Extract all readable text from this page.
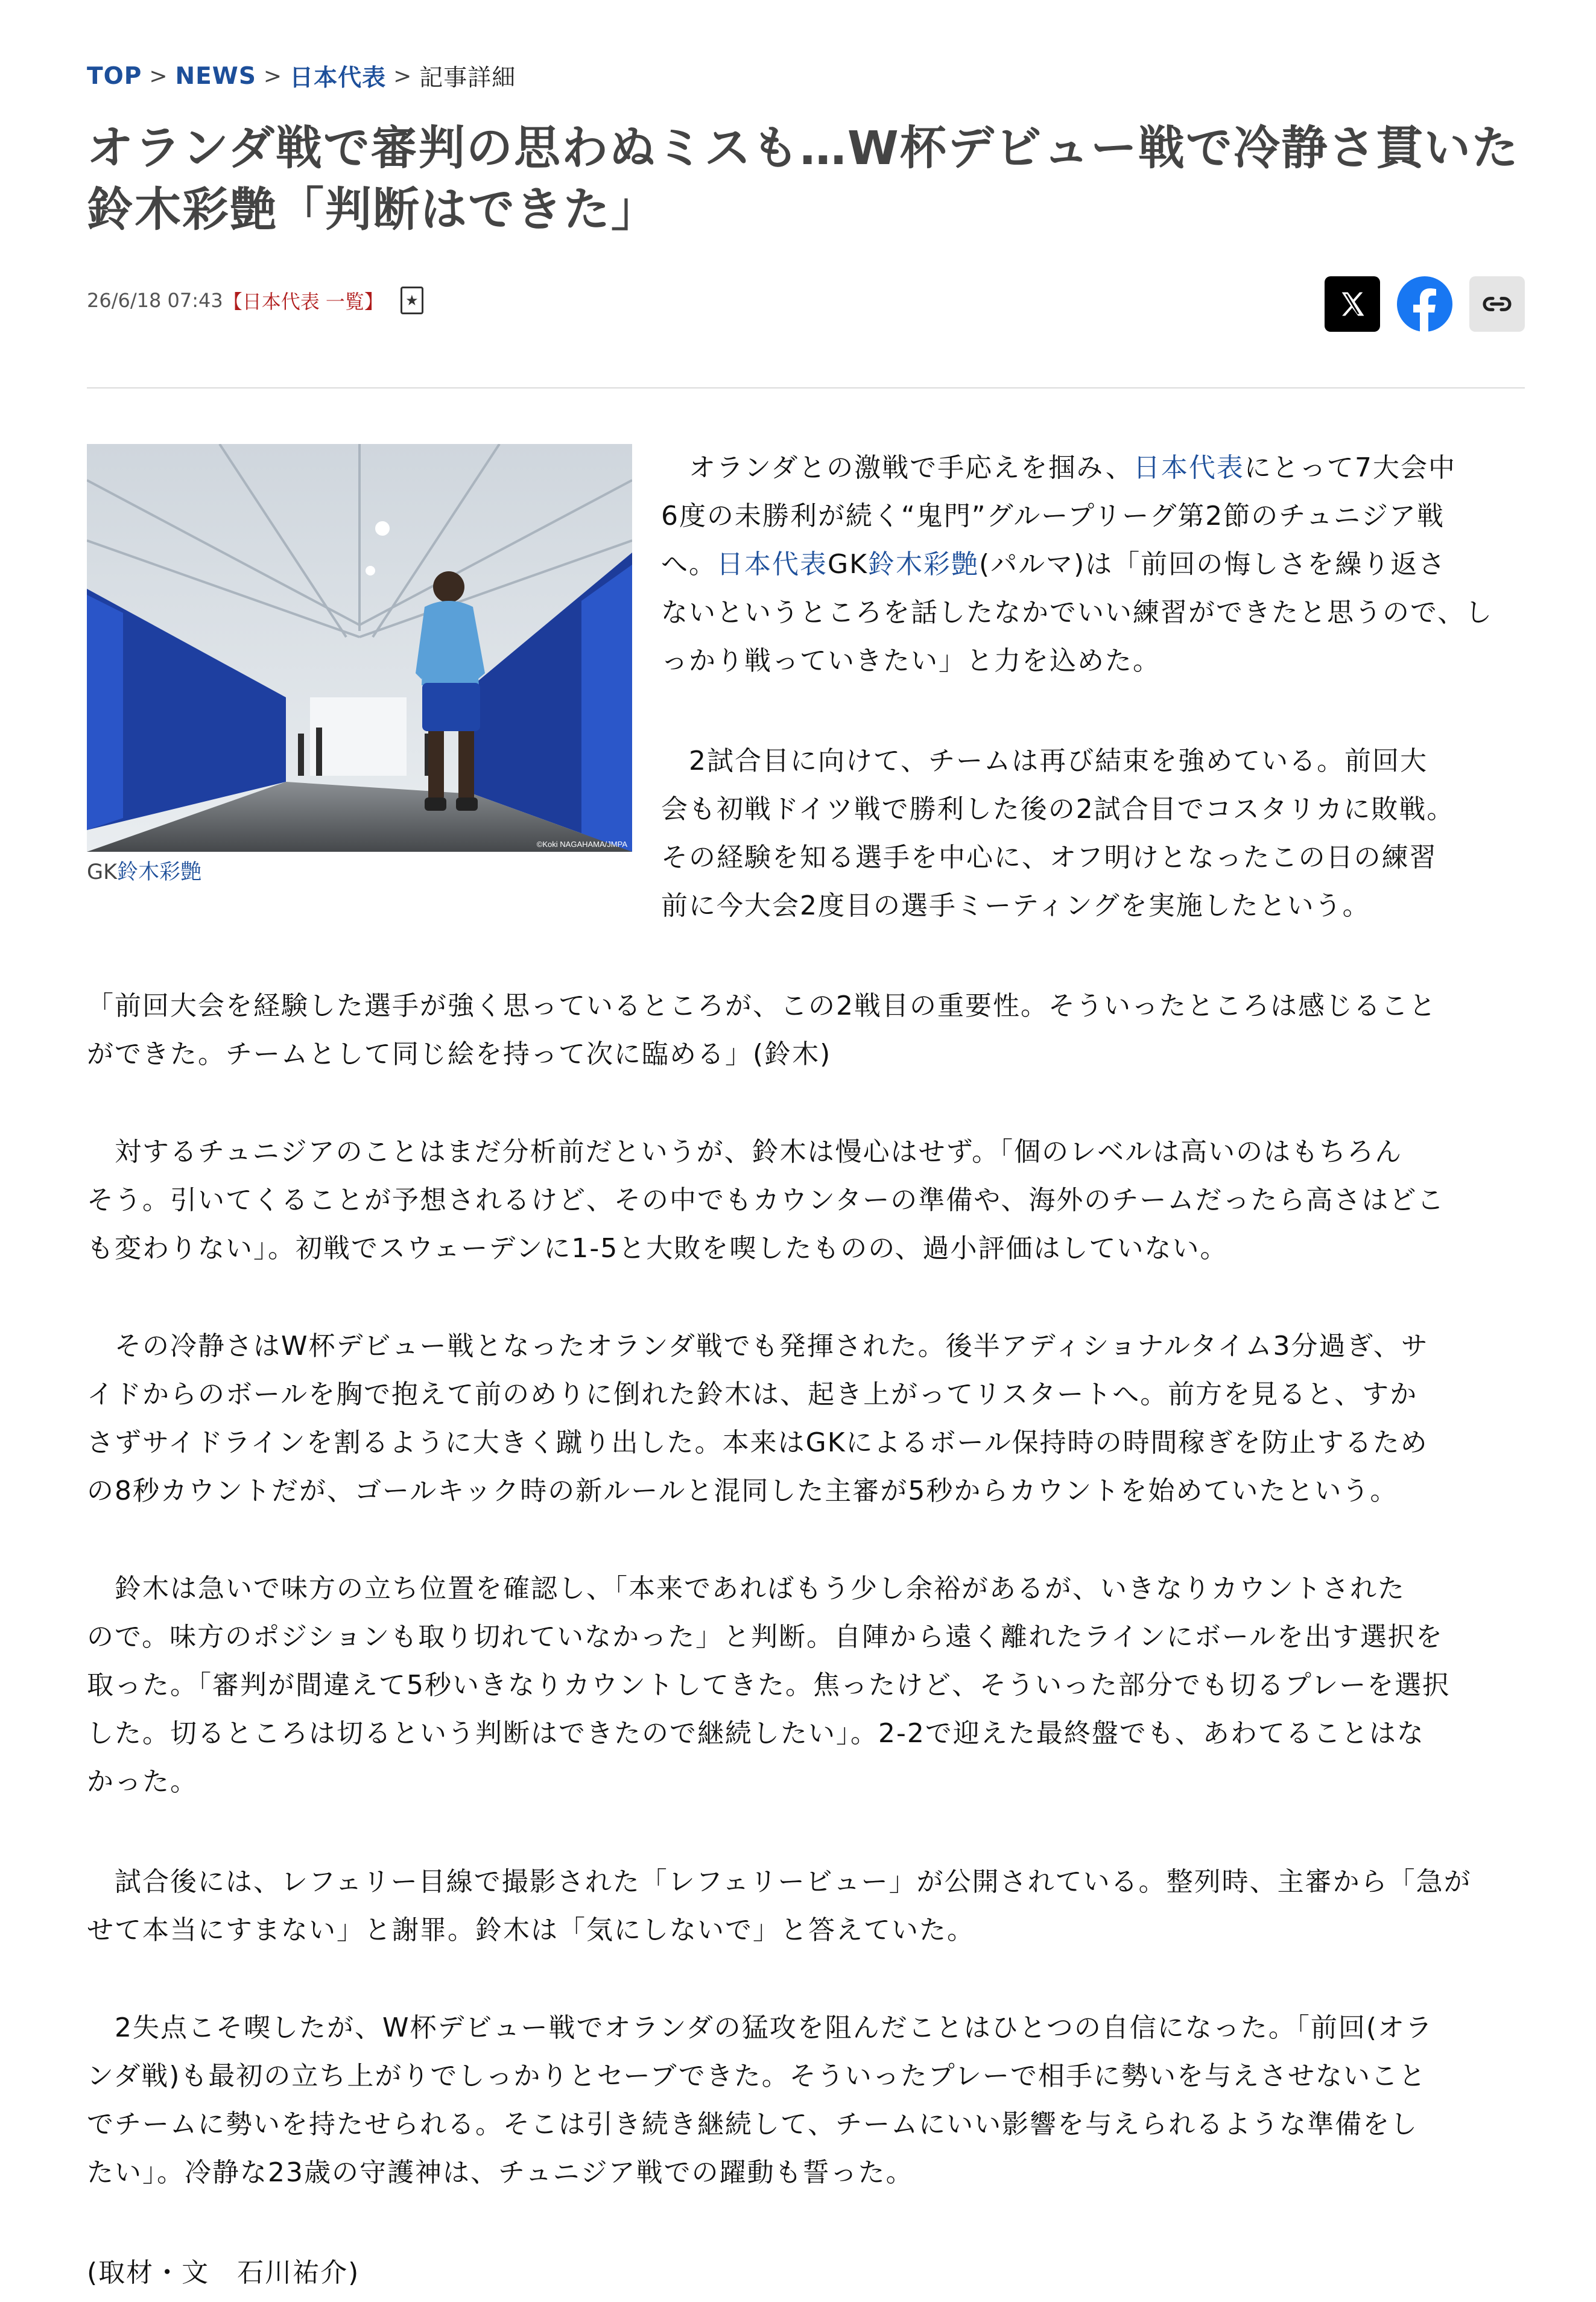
TOP > NEWS > 日本代表 > 記事詳細
オランダ戦で審判の思わぬミスも…W杯デビュー戦で冷静さ貫いた鈴木彩艶「判断はできた」
26/6/18 07:43 【日本代表 一覧】	★
©Koki NAGAHAMA/JMPA
GK鈴木彩艶

　オランダとの激戦で手応えを掴み、日本代表にとって7大会中
6度の未勝利が続く“鬼門”グループリーグ第2節のチュニジア戦
へ。日本代表GK鈴木彩艶(パルマ)は「前回の悔しさを繰り返さ
ないというところを話したなかでいい練習ができたと思うので、し
っかり戦っていきたい」と力を込めた。

　2試合目に向けて、チームは再び結束を強めている。前回大
会も初戦ドイツ戦で勝利した後の2試合目でコスタリカに敗戦。
その経験を知る選手を中心に、オフ明けとなったこの日の練習
前に今大会2度目の選手ミーティングを実施したという。

「前回大会を経験した選手が強く思っているところが、この2戦目の重要性。そういったところは感じること
ができた。チームとして同じ絵を持って次に臨める」(鈴木)

　対するチュニジアのことはまだ分析前だというが、鈴木は慢心はせず。「個のレベルは高いのはもちろん
そう。引いてくることが予想されるけど、その中でもカウンターの準備や、海外のチームだったら高さはどこ
も変わりない」。初戦でスウェーデンに1-5と大敗を喫したものの、過小評価はしていない。

　その冷静さはW杯デビュー戦となったオランダ戦でも発揮された。後半アディショナルタイム3分過ぎ、サ
イドからのボールを胸で抱えて前のめりに倒れた鈴木は、起き上がってリスタートへ。前方を見ると、すか
さずサイドラインを割るように大きく蹴り出した。本来はGKによるボール保持時の時間稼ぎを防止するため
の8秒カウントだが、ゴールキック時の新ルールと混同した主審が5秒からカウントを始めていたという。

　鈴木は急いで味方の立ち位置を確認し、「本来であればもう少し余裕があるが、いきなりカウントされた
ので。味方のポジションも取り切れていなかった」と判断。自陣から遠く離れたラインにボールを出す選択を
取った。「審判が間違えて5秒いきなりカウントしてきた。焦ったけど、そういった部分でも切るプレーを選択
した。切るところは切るという判断はできたので継続したい」。2-2で迎えた最終盤でも、あわてることはな
かった。

　試合後には、レフェリー目線で撮影された「レフェリービュー」が公開されている。整列時、主審から「急が
せて本当にすまない」と謝罪。鈴木は「気にしないで」と答えていた。

　2失点こそ喫したが、W杯デビュー戦でオランダの猛攻を阻んだことはひとつの自信になった。「前回(オラ
ンダ戦)も最初の立ち上がりでしっかりとセーブできた。そういったプレーで相手に勢いを与えさせないこと
でチームに勢いを持たせられる。そこは引き続き継続して、チームにいい影響を与えられるような準備をし
たい」。冷静な23歳の守護神は、チュニジア戦での躍動も誓った。

(取材・文　石川祐介)
